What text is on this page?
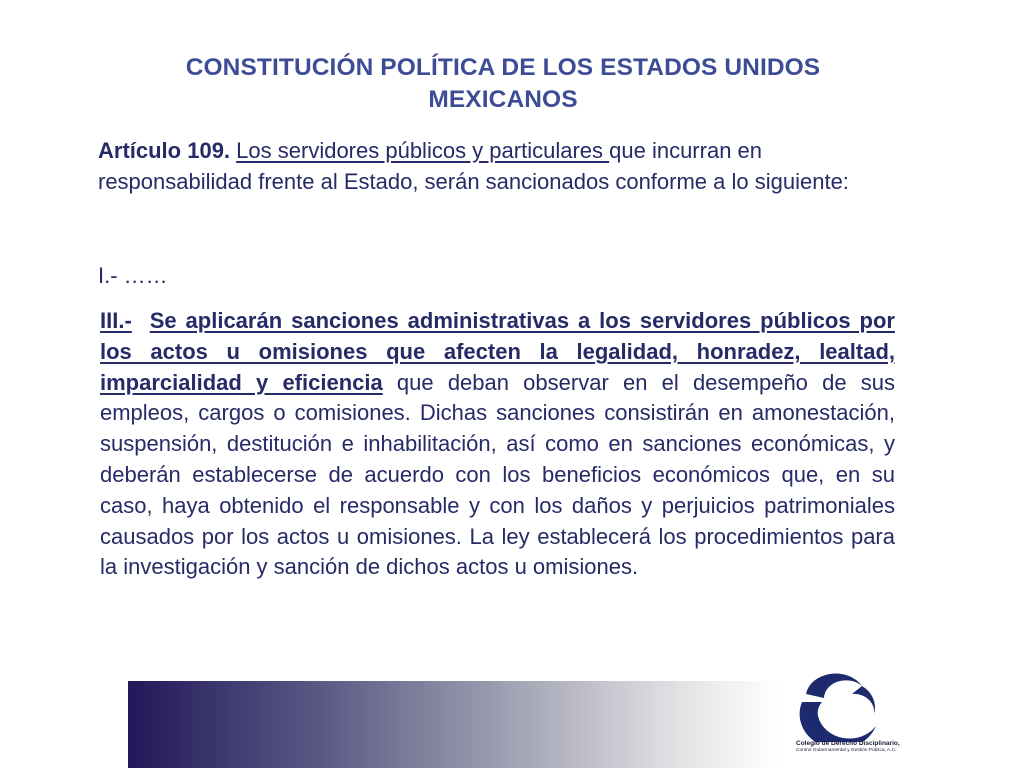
CONSTITUCIÓN POLÍTICA DE LOS ESTADOS UNIDOS
MEXICANOS
Artículo 109. Los servidores públicos y particulares que incurran en responsabilidad frente al Estado, serán sancionados conforme a lo siguiente:
I.- ……
III.- Se aplicarán sanciones administrativas a los servidores públicos por los actos u omisiones que afecten la legalidad, honradez, lealtad, imparcialidad y eficiencia que deban observar en el desempeño de sus empleos, cargos o comisiones. Dichas sanciones consistirán en amonestación, suspensión, destitución e inhabilitación, así como en sanciones económicas, y deberán establecerse de acuerdo con los beneficios económicos que, en su caso, haya obtenido el responsable y con los daños y perjuicios patrimoniales causados por los actos u omisiones. La ley establecerá los procedimientos para la investigación y sanción de dichos actos u omisiones.
Colegio de Derecho Disciplinario,
Control Gubernamental y Gestión Pública, A.C.
